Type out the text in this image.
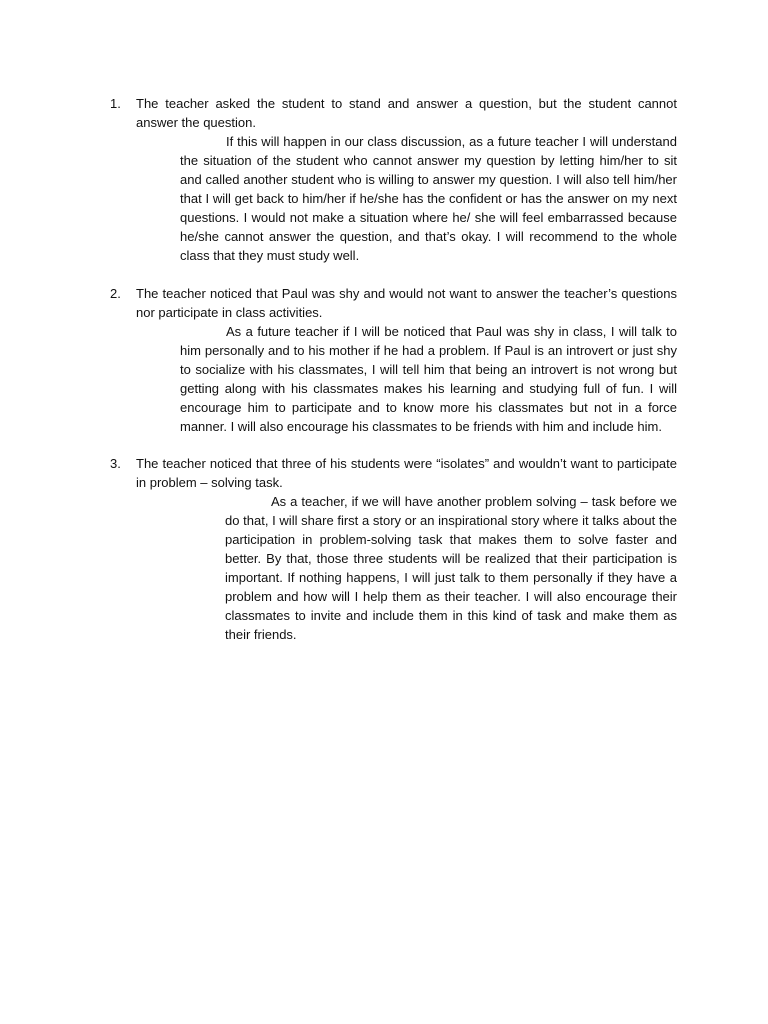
1. The teacher asked the student to stand and answer a question, but the student cannot answer the question.
If this will happen in our class discussion, as a future teacher I will understand the situation of the student who cannot answer my question by letting him/her to sit and called another student who is willing to answer my question. I will also tell him/her that I will get back to him/her if he/she has the confident or has the answer on my next questions. I would not make a situation where he/ she will feel embarrassed because he/she cannot answer the question, and that’s okay. I will recommend to the whole class that they must study well.
2. The teacher noticed that Paul was shy and would not want to answer the teacher’s questions nor participate in class activities.
As a future teacher if I will be noticed that Paul was shy in class, I will talk to him personally and to his mother if he had a problem. If Paul is an introvert or just shy to socialize with his classmates, I will tell him that being an introvert is not wrong but getting along with his classmates makes his learning and studying full of fun. I will encourage him to participate and to know more his classmates but not in a force manner. I will also encourage his classmates to be friends with him and include him.
3. The teacher noticed that three of his students were “isolates” and wouldn’t want to participate in problem – solving task.
As a teacher, if we will have another problem solving – task before we do that, I will share first a story or an inspirational story where it talks about the participation in problem-solving task that makes them to solve faster and better. By that, those three students will be realized that their participation is important. If nothing happens, I will just talk to them personally if they have a problem and how will I help them as their teacher. I will also encourage their classmates to invite and include them in this kind of task and make them as their friends.
